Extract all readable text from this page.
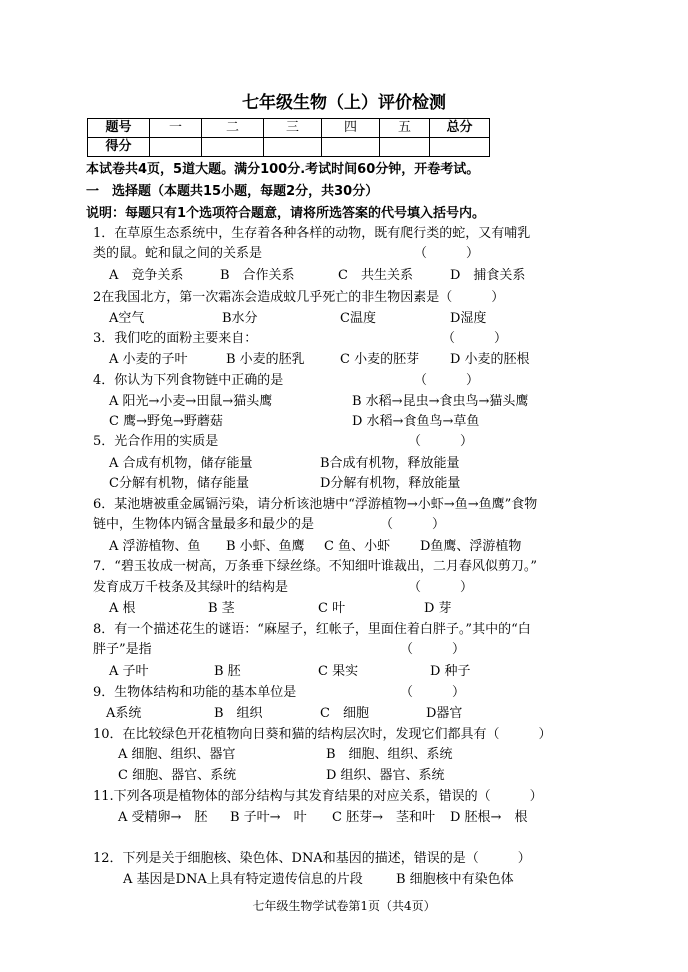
七年级生物（上）评价检测
题号	一	二	三	四	五	总分
得分						
本试卷共4页，5道大题。满分100分.考试时间60分钟，开卷考试。
一　选择题（本题共15小题，每题2分，共30分）
说明：每题只有1个选项符合题意，请将所选答案的代号填入括号内。
1．在草原生态系统中，生存着各种各样的动物，既有爬行类的蛇，又有哺乳
类的鼠。蛇和鼠之间的关系是	（　　　）
A　竞争关系	B　合作关系	C　共生关系	D　捕食关系
2在我国北方，第一次霜冻会造成蚊几乎死亡的非生物因素是（　　　）
A空气	B水分	C温度	D湿度
3．我们吃的面粉主要来自：	（　　　）
A 小麦的子叶	B 小麦的胚乳	C 小麦的胚芽 D 小麦的胚根
4．你认为下列食物链中正确的是	（　　　）
A 阳光→小麦→田鼠→猫头鹰	B 水稻→昆虫→食虫鸟→猫头鹰
C 鹰→野兔→野蘑菇	D 水稻→食鱼鸟→草鱼
5．光合作用的实质是	（　　　）
A 合成有机物，储存能量	B合成有机物，释放能量
C分解有机物，储存能量	D分解有机物，释放能量
6．某池塘被重金属镉污染，请分析该池塘中“浮游植物→小虾→鱼→鱼鹰”食物
链中，生物体内镉含量最多和最少的是	（　　　）
A 浮游植物、鱼 B 小虾、鱼鹰 C 鱼、小虾 D鱼鹰、浮游植物
7．“碧玉妆成一树高，万条垂下绿丝绦。不知细叶谁裁出，二月春风似剪刀。”
发育成万千枝条及其绿叶的结构是	（　　　）
A 根	B 茎	C 叶	D 芽
8．有一个描述花生的谜语：“麻屋子，红帐子，里面住着白胖子。”其中的“白
胖子”是指	（　　　）
A 子叶	B 胚	C 果实	D 种子
9．生物体结构和功能的基本单位是	（　　　）
A系统	B　组织	C　细胞	D器官
10．在比较绿色开花植物向日葵和猫的结构层次时，发现它们都具有（　　　）
A 细胞、组织、器官	B　细胞、组织、系统
C 细胞、器官、系统	D 组织、器官、系统
11.下列各项是植物体的部分结构与其发育结果的对应关系，错误的（　　　）
A 受精卵→　胚 B 子叶→　叶 C 胚芽→　茎和叶 D 胚根→　根
12．下列是关于细胞核、染色体、DNA和基因的描述，错误的是（　　　）
A 基因是DNA上具有特定遗传信息的片段	B 细胞核中有染色体
七年级生物学试卷第1页（共4页）
